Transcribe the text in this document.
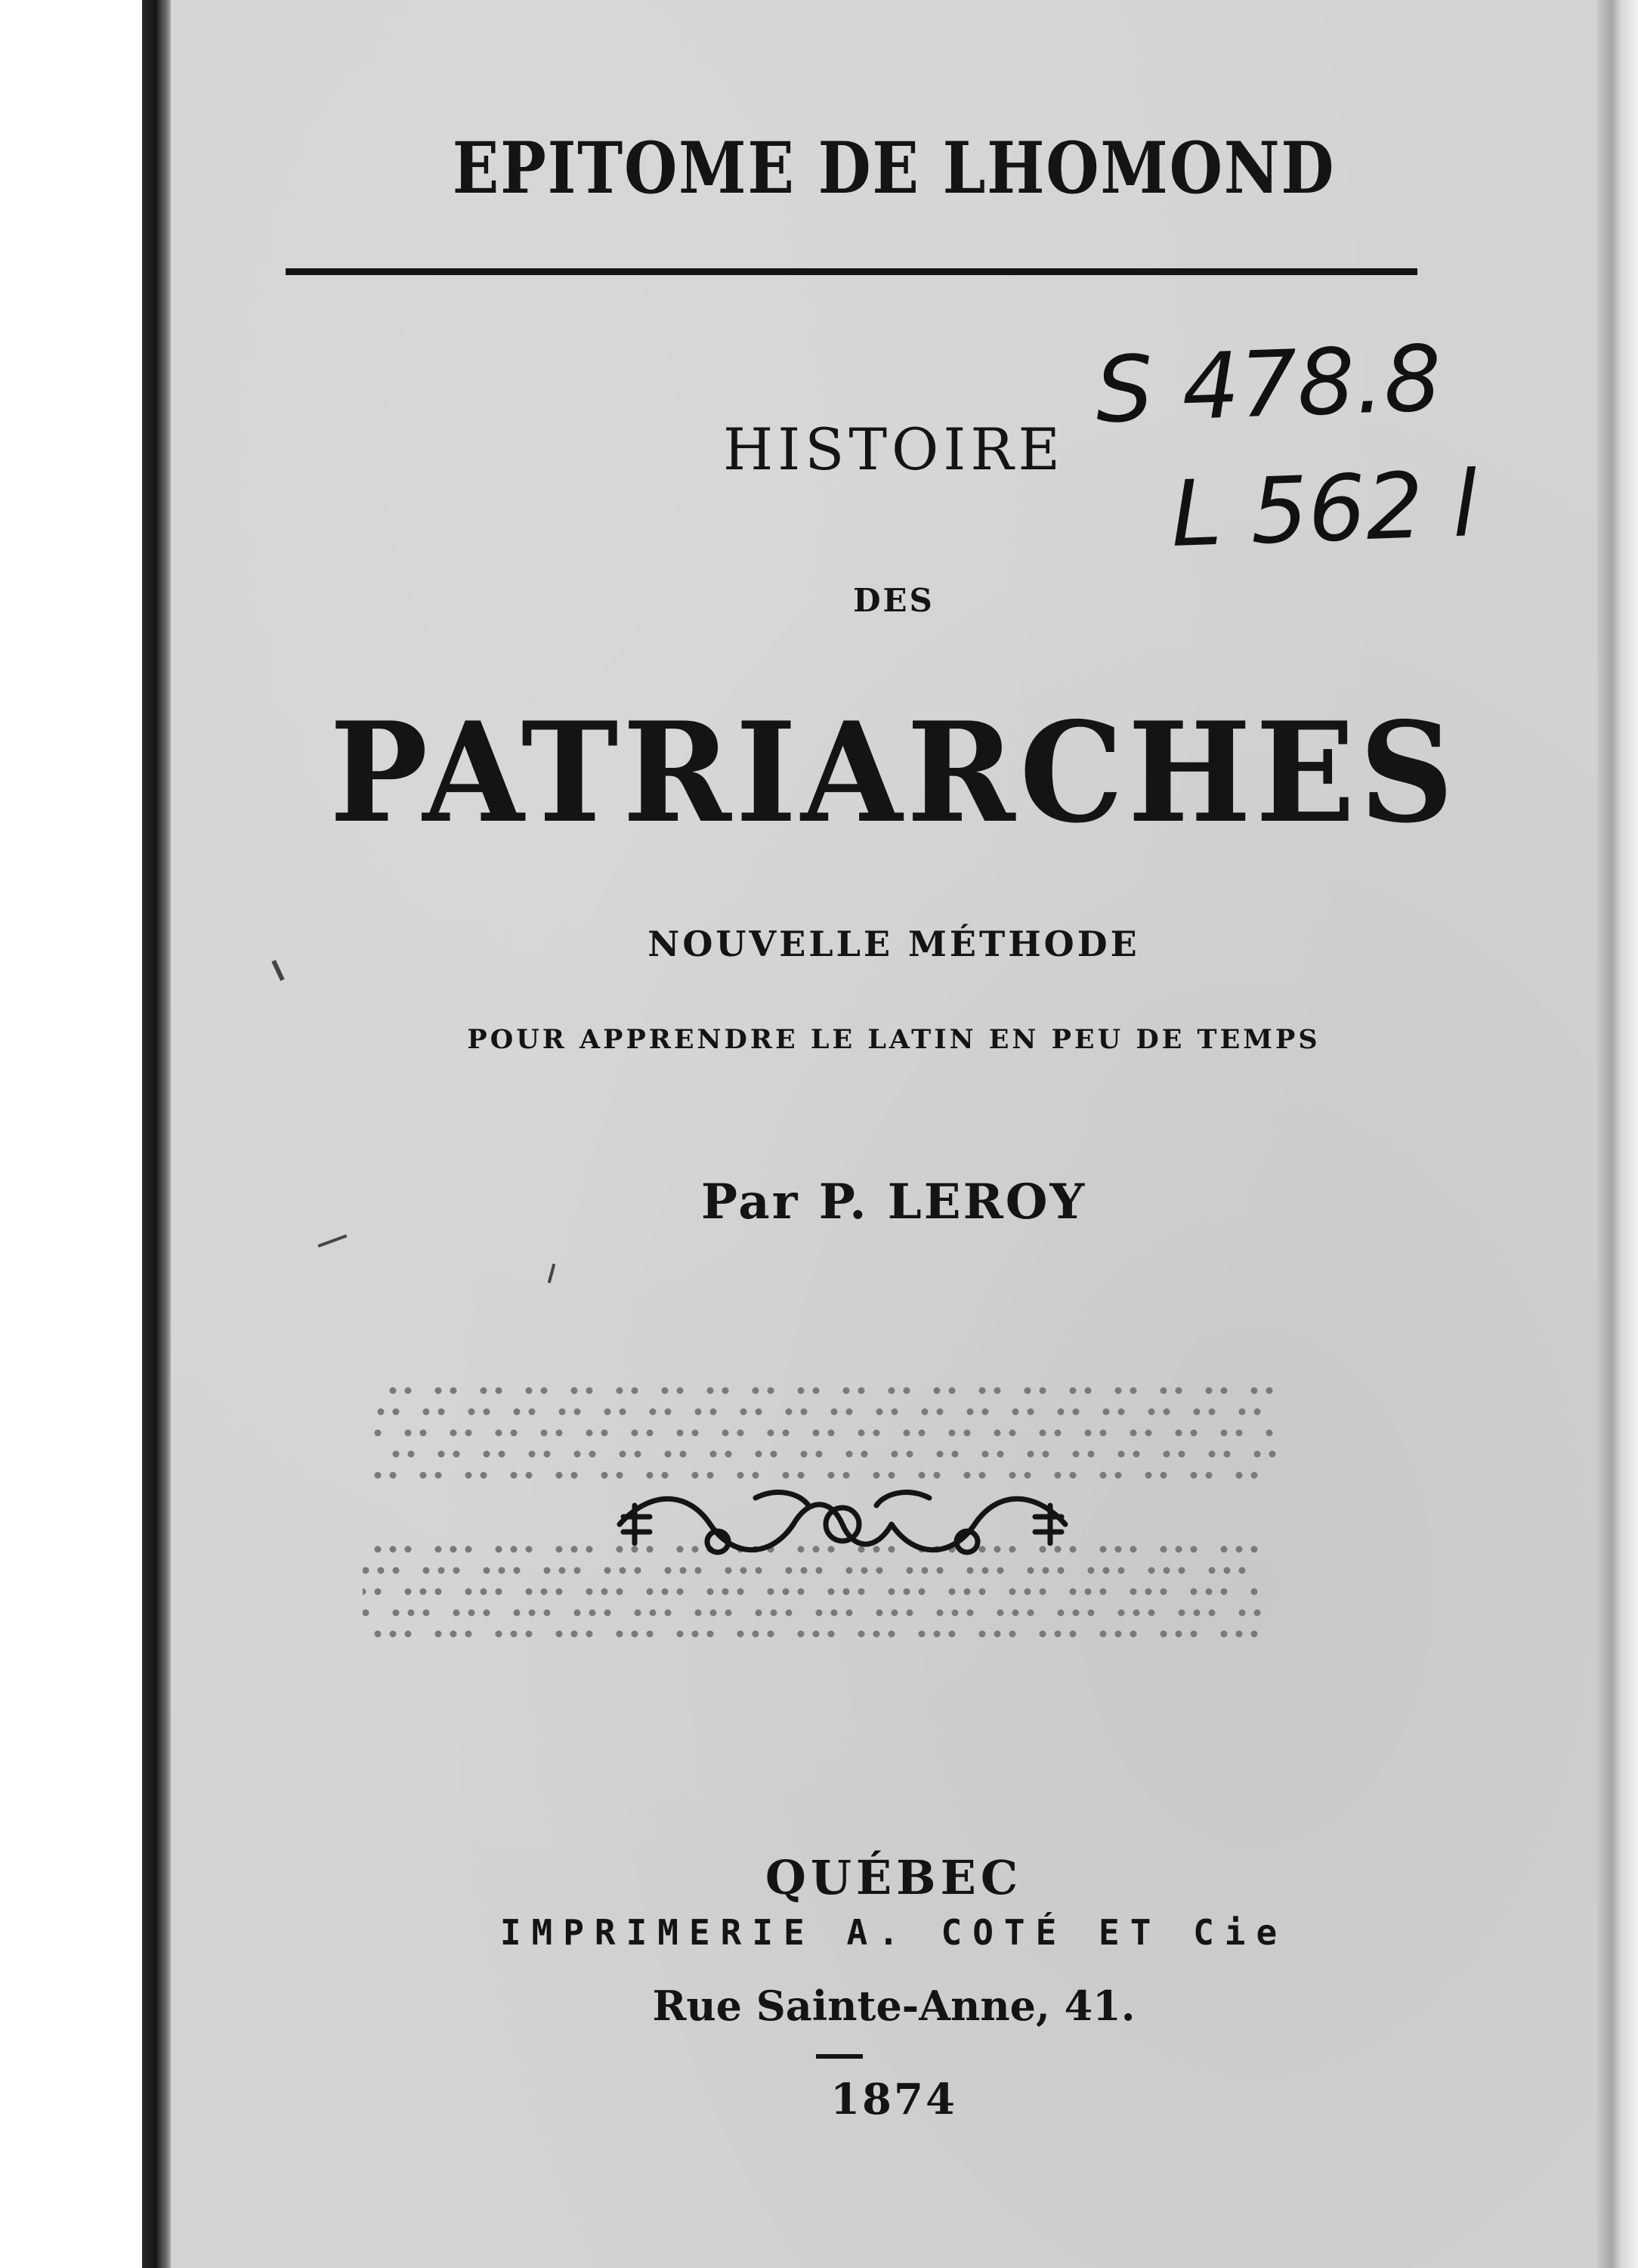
EPITOME DE LHOMOND
HISTOIRE
DES
PATRIARCHES
NOUVELLE MÉTHODE
POUR APPRENDRE LE LATIN EN PEU DE TEMPS
Par P. LEROY
S 478.8
L 562 l
QUÉBEC
IMPRIMERIE A. COTÉ ET Cie
Rue Sainte-Anne, 41.
1874
